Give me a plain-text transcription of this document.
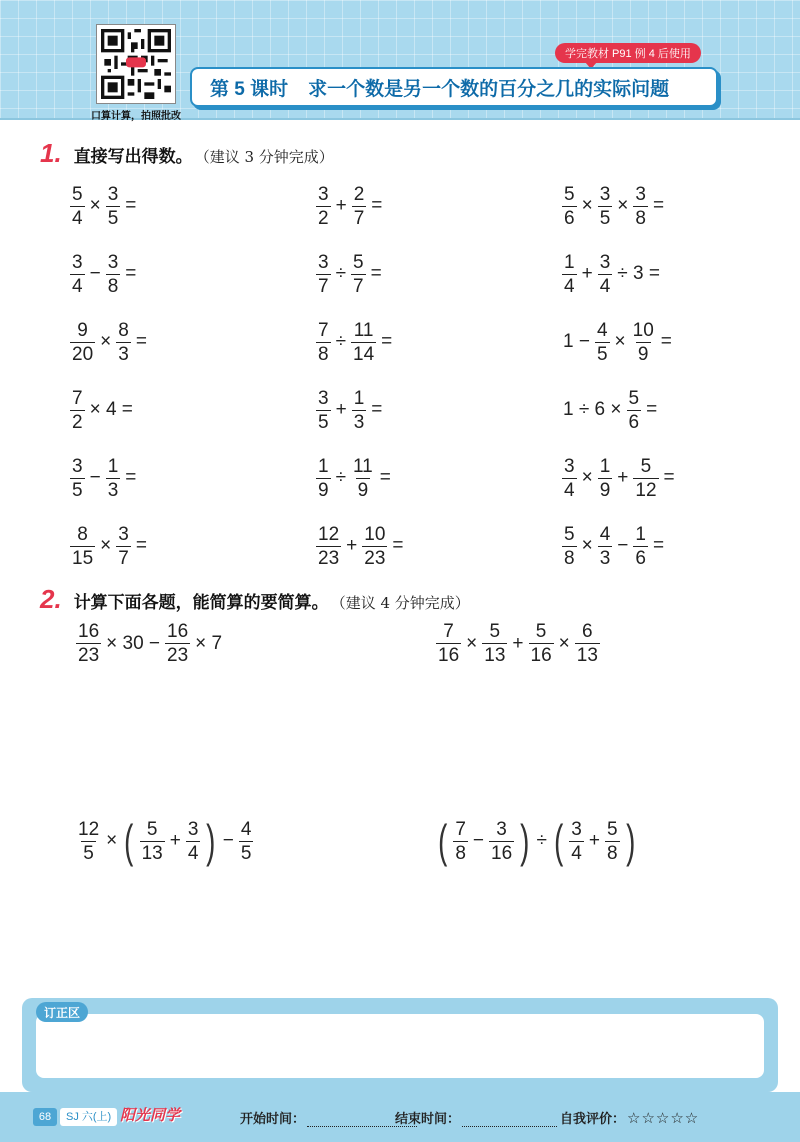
口算计算，拍照批改
学完教材 P91 例 4 后使用
第 5 课时 求一个数是另一个数的百分之几的实际问题
1. 直接写出得数。 （建议 3 分钟完成）
$\frac{5}{4} \times \frac{3}{5}$ =	$\frac{3}{2} + \frac{2}{7}$ =	$\frac{5}{6} \times \frac{3}{5} \times \frac{3}{8}$ =
$\frac{3}{4} - \frac{3}{8}$ =	$\frac{3}{7} \div \frac{5}{7}$ =	$\frac{1}{4} + \frac{3}{4} \div 3$ =
$\frac{9}{20} \times \frac{8}{3}$ =	$\frac{7}{8} \div \frac{11}{14}$ =	$1 - \frac{4}{5} \times \frac{10}{9}$ =
$\frac{7}{2} \times 4$ =	$\frac{3}{5} + \frac{1}{3}$ =	$1 \div 6 \times \frac{5}{6}$ =
$\frac{3}{5} - \frac{1}{3}$ =	$\frac{1}{9} \div \frac{11}{9}$ =	$\frac{3}{4} \times \frac{1}{9} + \frac{5}{12}$ =
$\frac{8}{15} \times \frac{3}{7}$ =	$\frac{12}{23} + \frac{10}{23}$ =	$\frac{5}{8} \times \frac{4}{3} - \frac{1}{6}$ =
2. 计算下面各题，能简算的要简算。 （建议 4 分钟完成）
$\frac{16}{23} \times 30 - \frac{16}{23} \times 7$	$\frac{7}{16} \times \frac{5}{13} + \frac{5}{16} \times \frac{6}{13}$
$\frac{12}{5}$ × ( $\frac{5}{13} + \frac{3}{4}$ ) − $\frac{4}{5}$	( $\frac{7}{8} - \frac{3}{16}$ ) ÷ ( $\frac{3}{4} + \frac{5}{8}$ )
订正区
68	SJ 六(上) 阳光同学	开始时间：	结束时间：	自我评价： ☆☆☆☆☆
